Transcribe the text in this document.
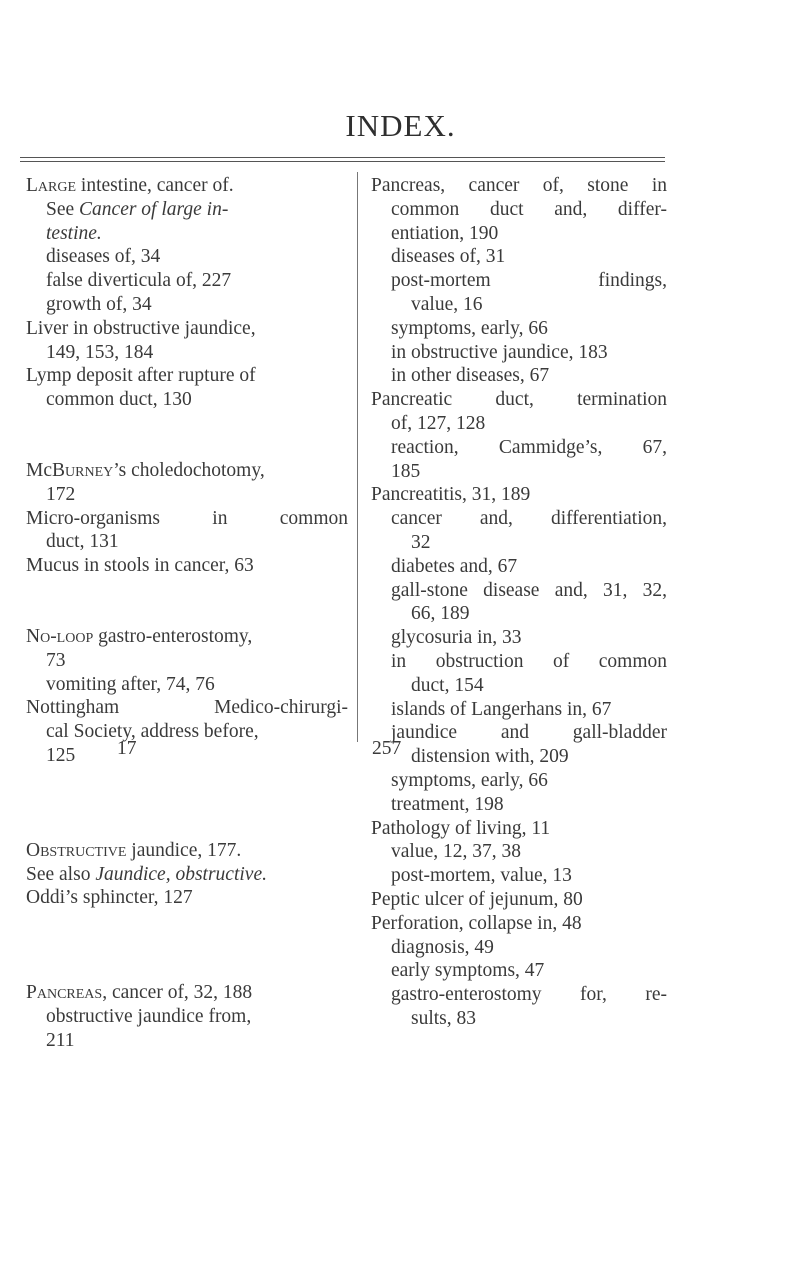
INDEX.
Large intestine, cancer of.
See Cancer of large in-
testine.
diseases of, 34
false diverticula of, 227
growth of, 34
Liver in obstructive jaundice,
149, 153, 184
Lymp deposit after rupture of
common duct, 130
McBurney’s choledochotomy,
172
Micro-organisms in common
duct, 131
Mucus in stools in cancer, 63
No-loop gastro-enterostomy,
73
vomiting after, 74, 76
Nottingham Medico-chirurgi-
cal Society, address before,
125
Obstructive jaundice, 177.
See also Jaundice, obstructive.
Oddi’s sphincter, 127
Pancreas, cancer of, 32, 188
obstructive jaundice from,
211
Pancreas, cancer of, stone in
common duct and, differ-
entiation, 190
diseases of, 31
post-mortem findings,
value, 16
symptoms, early, 66
in obstructive jaundice, 183
in other diseases, 67
Pancreatic duct, termination
of, 127, 128
reaction, Cammidge’s, 67,
185
Pancreatitis, 31, 189
cancer and, differentiation,
32
diabetes and, 67
gall-stone disease and, 31, 32,
66, 189
glycosuria in, 33
in obstruction of common
duct, 154
islands of Langerhans in, 67
jaundice and gall-bladder
distension with, 209
symptoms, early, 66
treatment, 198
Pathology of living, 11
value, 12, 37, 38
post-mortem, value, 13
Peptic ulcer of jejunum, 80
Perforation, collapse in, 48
diagnosis, 49
early symptoms, 47
gastro-enterostomy for, re-
sults, 83
17	257
